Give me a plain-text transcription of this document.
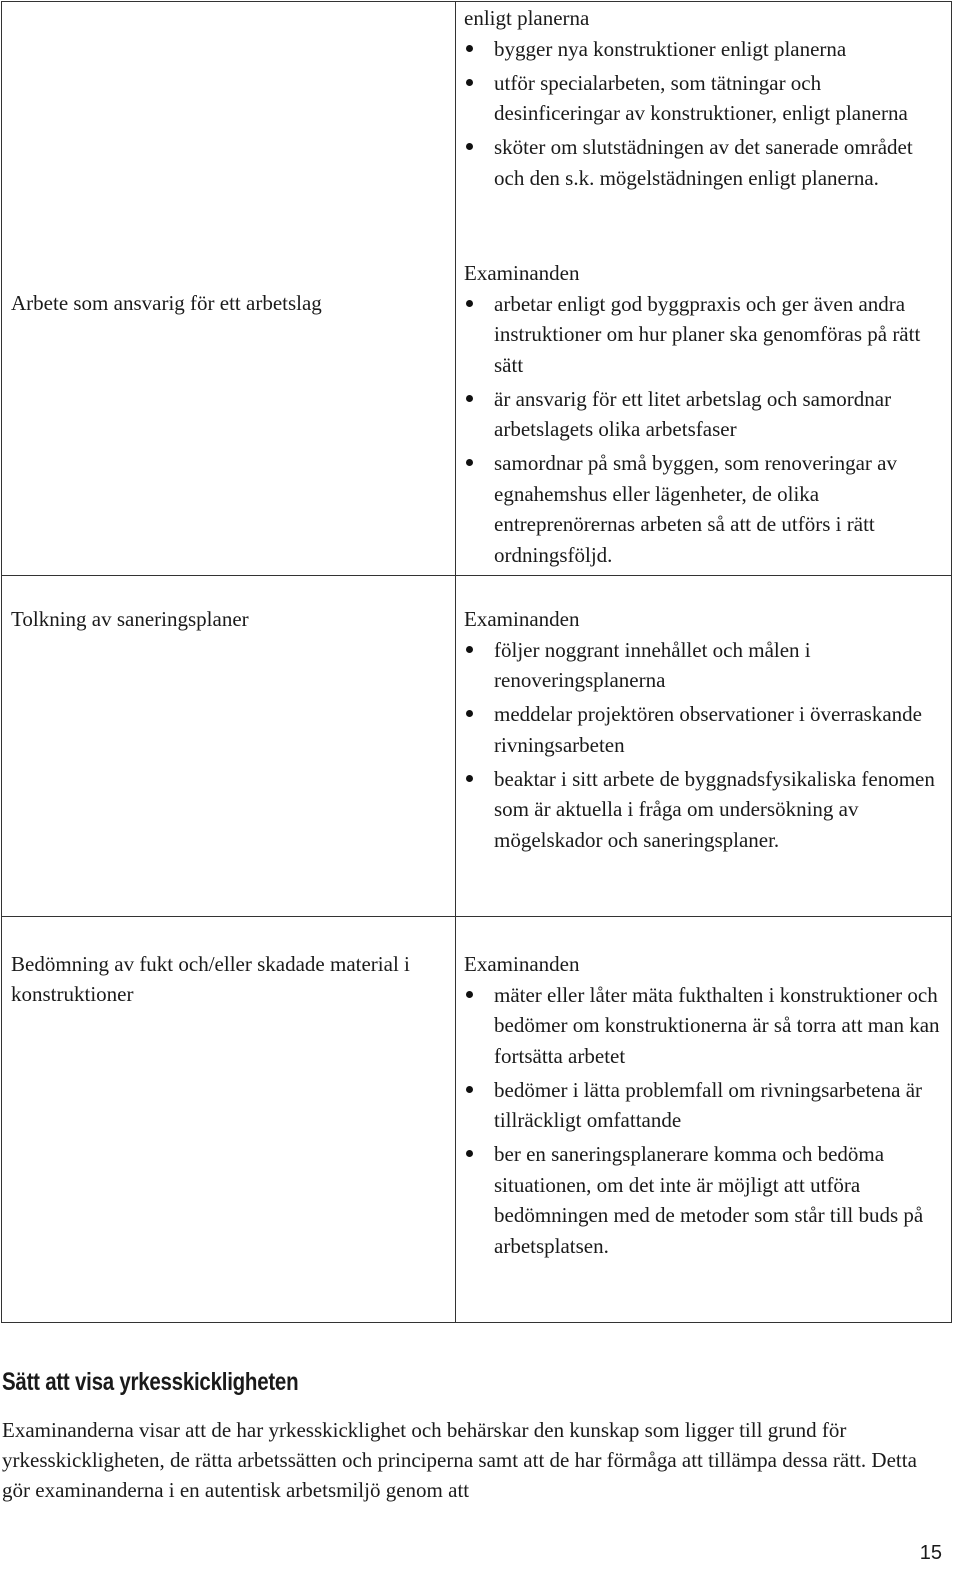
enligt planerna
bygger nya konstruktioner enligt planerna
utför specialarbeten, som tätningar och desinficeringar av konstruktioner, enligt planerna
sköter om slutstädningen av det sanerade området och den s.k. mögelstädningen enligt planerna.
Arbete som ansvarig för ett arbetslag
Examinanden
arbetar enligt god byggpraxis och ger även andra instruktioner om hur planer ska genomföras på rätt sätt
är ansvarig för ett litet arbetslag och samordnar arbetslagets olika arbetsfaser
samordnar på små byggen, som renoveringar av egnahemshus eller lägenheter, de olika entreprenörernas arbeten så att de utförs i rätt ordningsföljd.
Tolkning av saneringsplaner	Examinanden
följer noggrant innehållet och målen i renoveringsplanerna
meddelar projektören observationer i överraskande rivningsarbeten
beaktar i sitt arbete de byggnadsfysikaliska fenomen som är aktuella i fråga om undersökning av mögelskador och saneringsplaner.
Bedömning av fukt och/eller skadade material i konstruktioner
Examinanden
mäter eller låter mäta fukthalten i konstruktioner och bedömer om konstruktionerna är så torra att man kan fortsätta arbetet
bedömer i lätta problemfall om rivningsarbetena är tillräckligt omfattande
ber en saneringsplanerare komma och bedöma situationen, om det inte är möjligt att utföra bedömningen med de metoder som står till buds på arbetsplatsen.
Sätt att visa yrkesskickligheten
Examinanderna visar att de har yrkesskicklighet och behärskar den kunskap som ligger till grund för yrkesskickligheten, de rätta arbetssätten och principerna samt att de har förmåga att tillämpa dessa rätt. Detta gör examinanderna i en autentisk arbetsmiljö genom att
15
